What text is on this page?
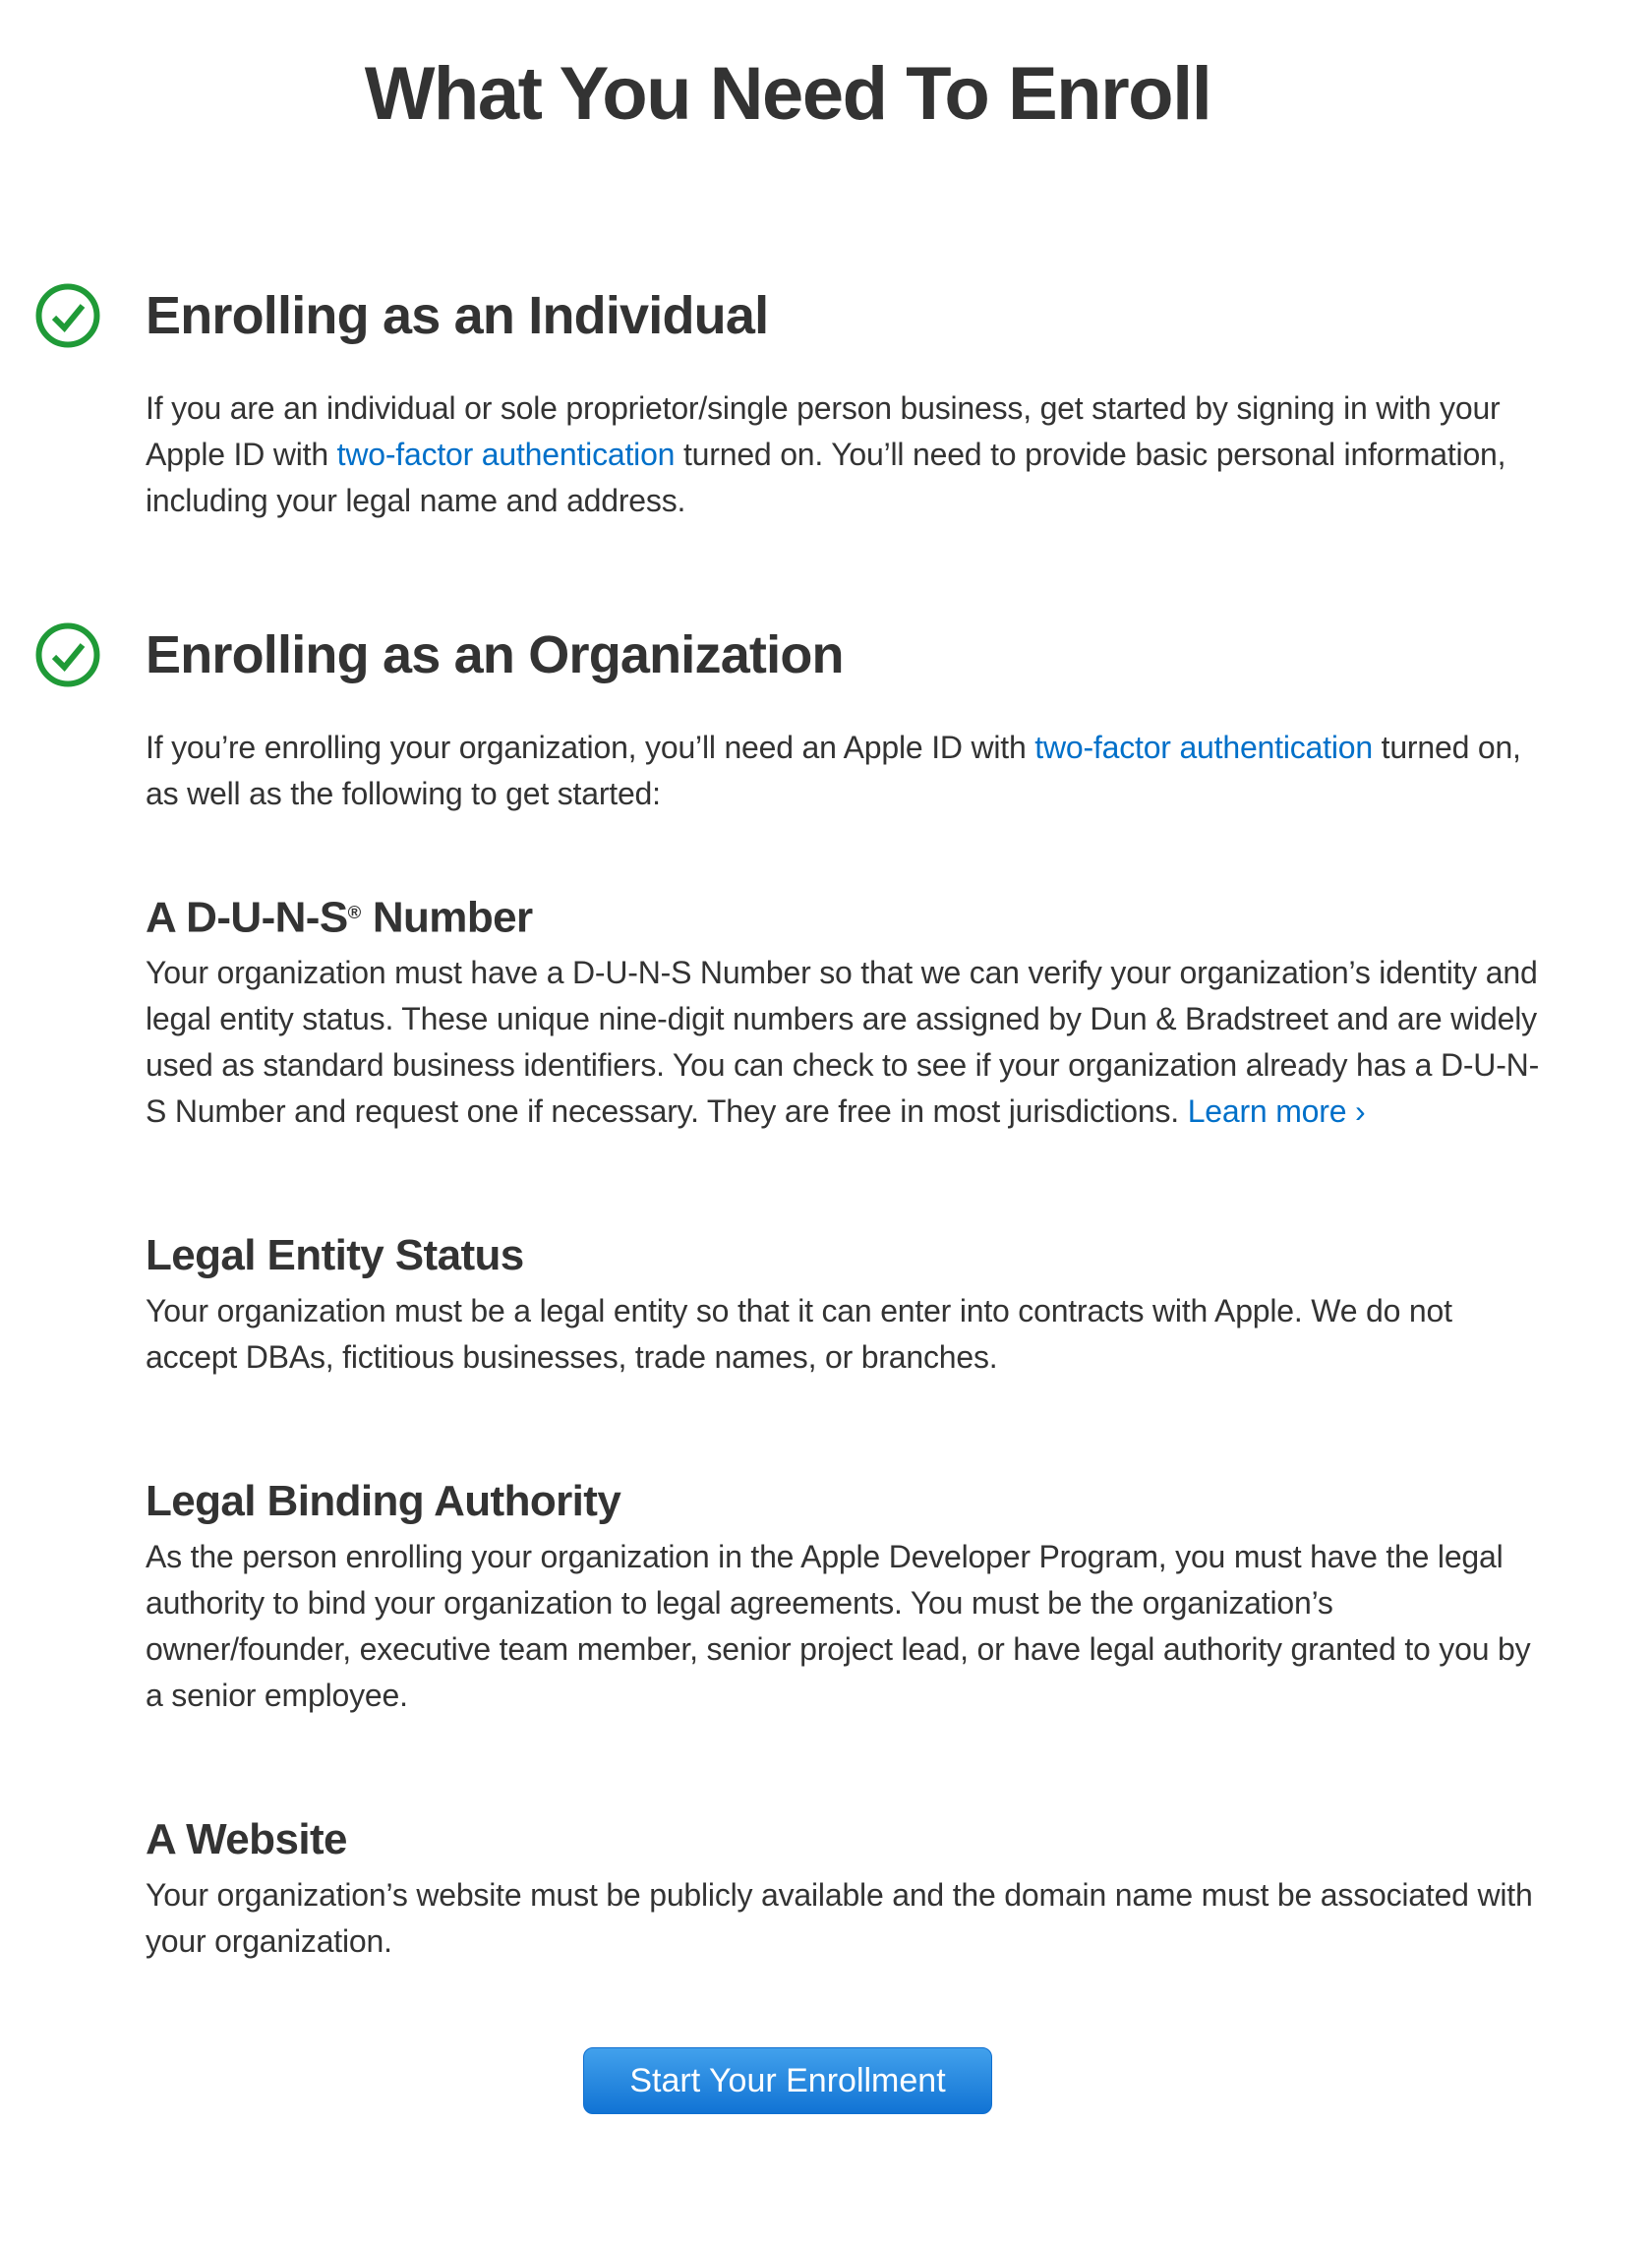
What You Need To Enroll
Enrolling as an Individual

If you are an individual or sole proprietor/single person business, get started by signing in with your Apple ID with two-factor authentication turned on. You’ll need to provide basic personal information, including your legal name and address.

Enrolling as an Organization

If you’re enrolling your organization, you’ll need an Apple ID with two-factor authentication turned on, as well as the following to get started:

A D-U-N-S® Number

Your organization must have a D-U-N-S Number so that we can verify your organization’s identity and legal entity status. These unique nine-digit numbers are assigned by Dun & Bradstreet and are widely used as standard business identifiers. You can check to see if your organization already has a D-U-N-S Number and request one if necessary. They are free in most jurisdictions. Learn more ›

Legal Entity Status

Your organization must be a legal entity so that it can enter into contracts with Apple. We do not accept DBAs, fictitious businesses, trade names, or branches.

Legal Binding Authority

As the person enrolling your organization in the Apple Developer Program, you must have the legal authority to bind your organization to legal agreements. You must be the organization’s owner/founder, executive team member, senior project lead, or have legal authority granted to you by a senior employee.

A Website

Your organization’s website must be publicly available and the domain name must be associated with your organization.

Start Your Enrollment
